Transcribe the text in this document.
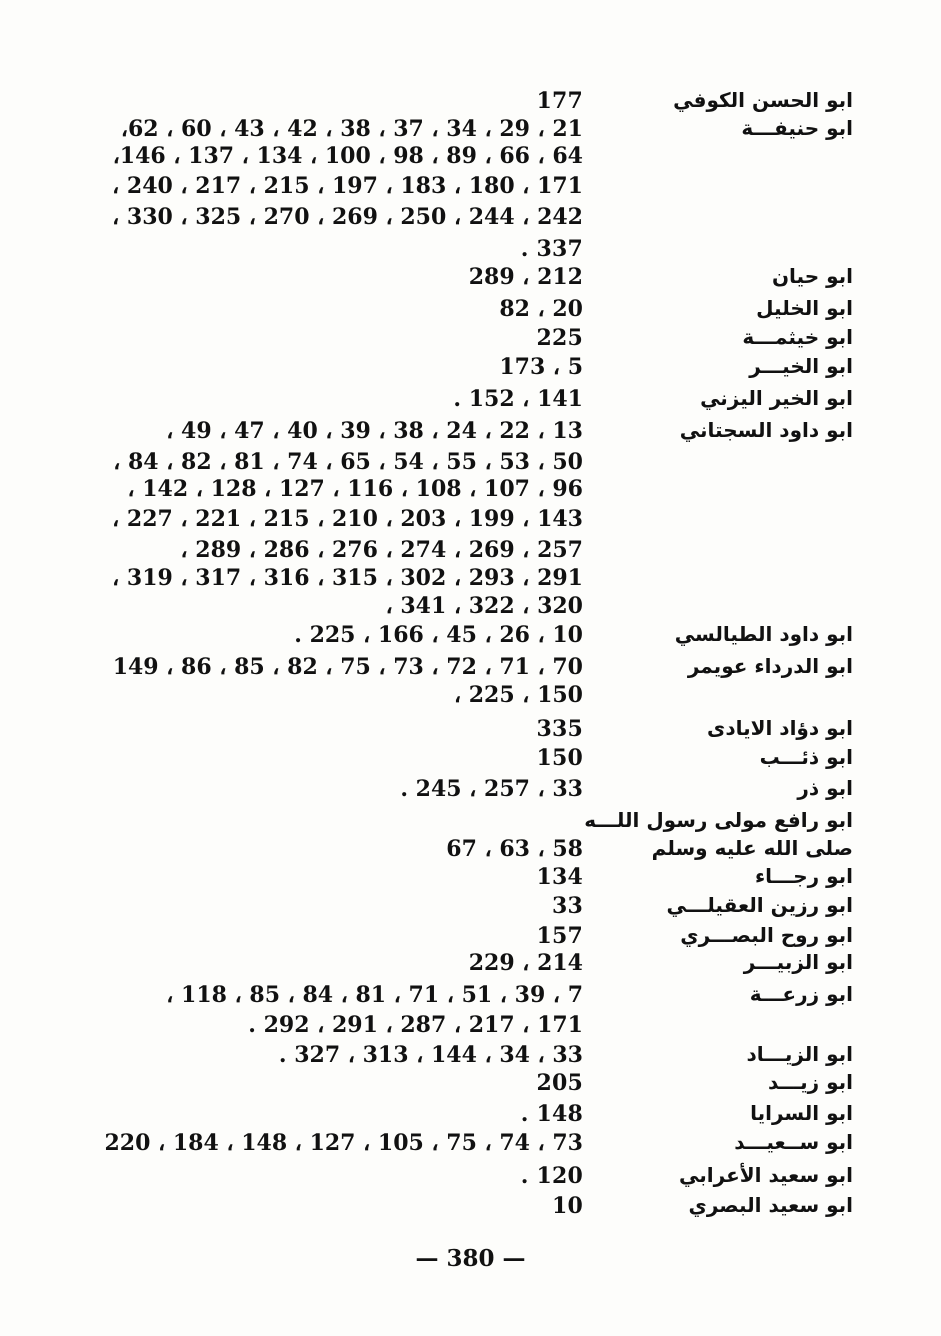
ابو الحسن الكوفي
177
ابو حنيفـــة
21 ، 29 ، 34 ، 37 ، 38 ، 42 ، 43 ، 60 ، 62،
64 ، 66 ، 89 ، 98 ، 100 ، 134 ، 137 ، 146،
171 ، 180 ، 183 ، 197 ، 215 ، 217 ، 240 ،
242 ، 244 ، 250 ، 269 ، 270 ، 325 ، 330 ،
337 .
ابو حيان
212 ، 289
ابو الخليل
20 ، 82
ابو خيثمـــة
225
ابو الخيـــر
5 ، 173
ابو الخير اليزني
141 ، 152 .
ابو داود السجتاني
13 ، 22 ، 24 ، 38 ، 39 ، 40 ، 47 ، 49 ،
50 ، 53 ، 55 ، 54 ، 65 ، 74 ، 81 ، 82 ، 84 ،
96 ، 107 ، 108 ، 116 ، 127 ، 128 ، 142 ،
143 ، 199 ، 203 ، 210 ، 215 ، 221 ، 227 ،
257 ، 269 ، 274 ، 276 ، 286 ، 289 ،
291 ، 293 ، 302 ، 315 ، 316 ، 317 ، 319 ،
320 ، 322 ، 341 ،
ابو داود الطيالسي
10 ، 26 ، 45 ، 166 ، 225 .
ابو الدرداء عويمر
70 ، 71 ، 72 ، 73 ، 75 ، 82 ، 85 ، 86 ، 149
150 ، 225 ،
ابو دؤاد الايادى
335
ابو ذئـــب
150
ابو ذر
33 ، 257 ، 245 .
ابو رافع مولى رسول اللـــه
صلى الله عليه وسلم
58 ، 63 ، 67
ابو رجـــاء
134
ابو رزين العقيلـــي
33
ابو روح البصـــري
157
ابو الزبيـــر
214 ، 229
ابو زرعـــة
7 ، 39 ، 51 ، 71 ، 81 ، 84 ، 85 ، 118 ،
171 ، 217 ، 287 ، 291 ، 292 .
ابو الزيـــاد
33 ، 34 ، 144 ، 313 ، 327 .
ابو زيـــد
205
ابو السرايا
148 .
ابو ســعيـــد
73 ، 74 ، 75 ، 105 ، 127 ، 148 ، 184 ، 220
ابو سعيد الأعرابي
120 .
ابو سعيد البصري
10
— 380 —
